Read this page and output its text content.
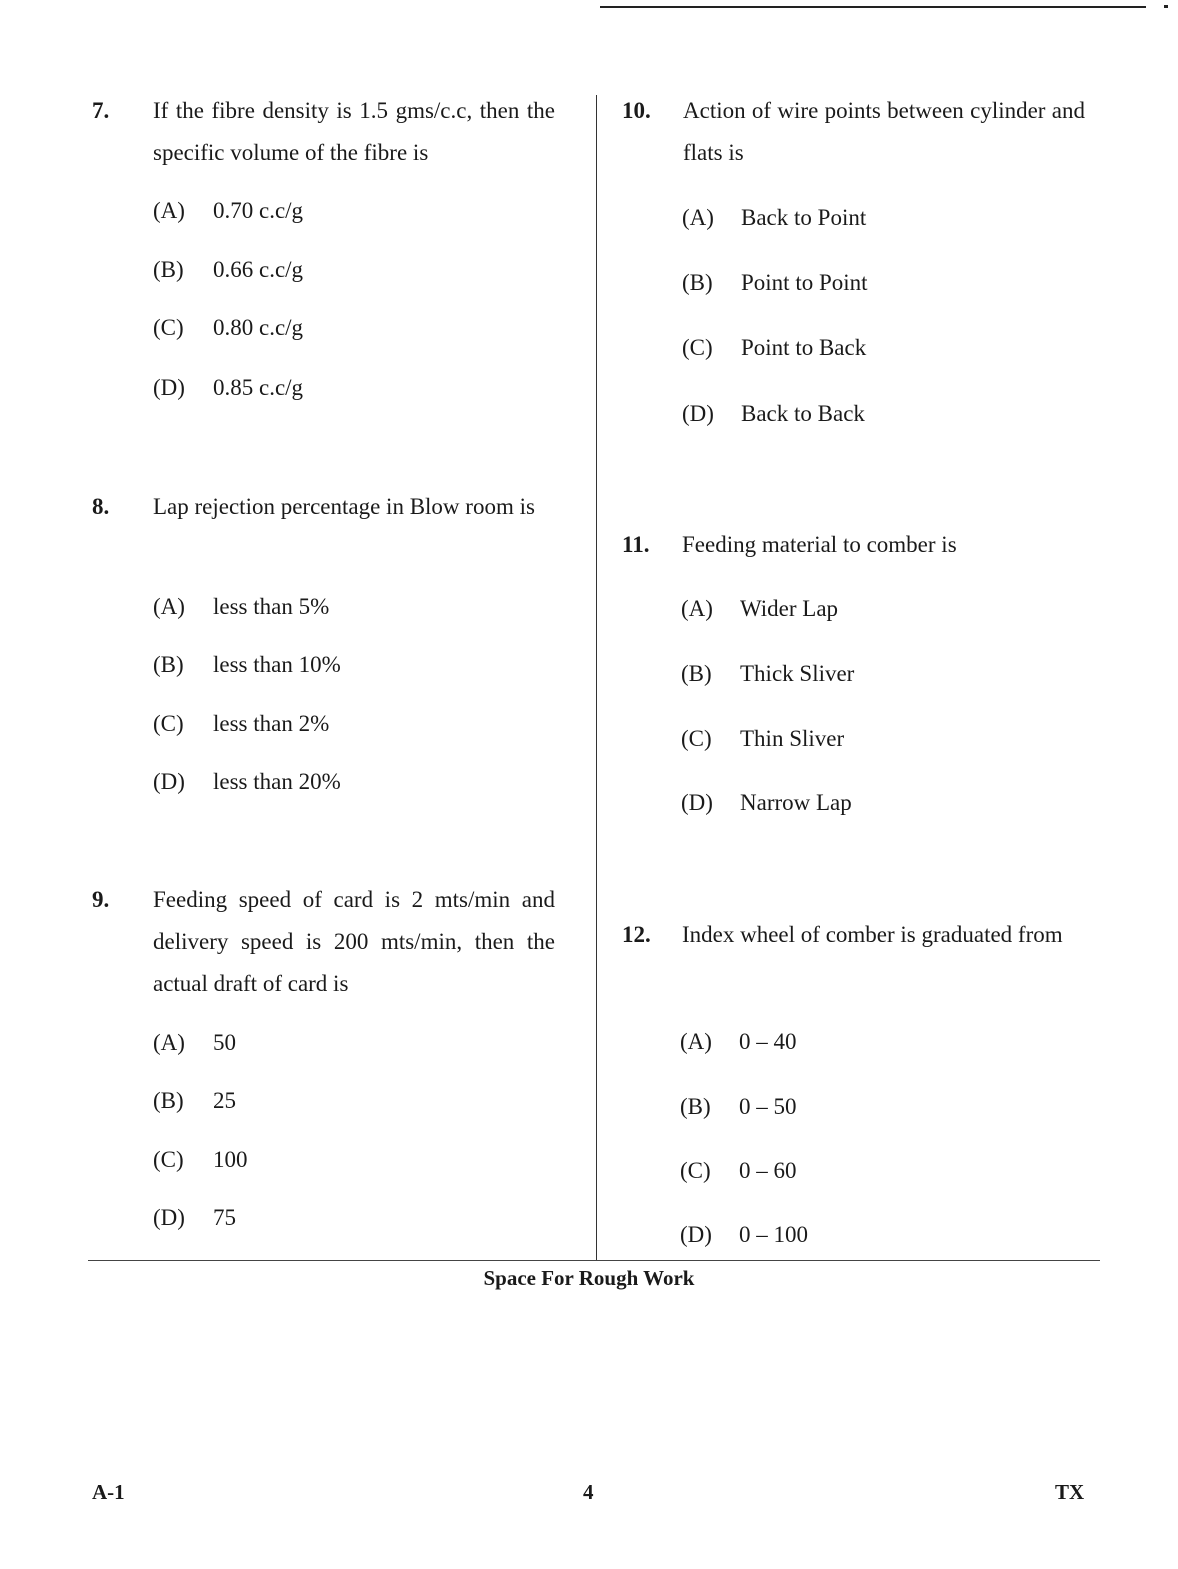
7. If the fibre density is 1.5 gms/c.c, then the specific volume of the fibre is
(A) 0.70 c.c/g
(B) 0.66 c.c/g
(C) 0.80 c.c/g
(D) 0.85 c.c/g
8. Lap rejection percentage in Blow room is
(A) less than 5%
(B) less than 10%
(C) less than 2%
(D) less than 20%
9. Feeding speed of card is 2 mts/min and delivery speed is 200 mts/min, then the actual draft of card is
(A) 50
(B) 25
(C) 100
(D) 75
10. Action of wire points between cylinder and flats is
(A) Back to Point
(B) Point to Point
(C) Point to Back
(D) Back to Back
11. Feeding material to comber is
(A) Wider Lap
(B) Thick Sliver
(C) Thin Sliver
(D) Narrow Lap
12. Index wheel of comber is graduated from
(A) 0 – 40
(B) 0 – 50
(C) 0 – 60
(D) 0 – 100
Space For Rough Work
A-1	4	TX
